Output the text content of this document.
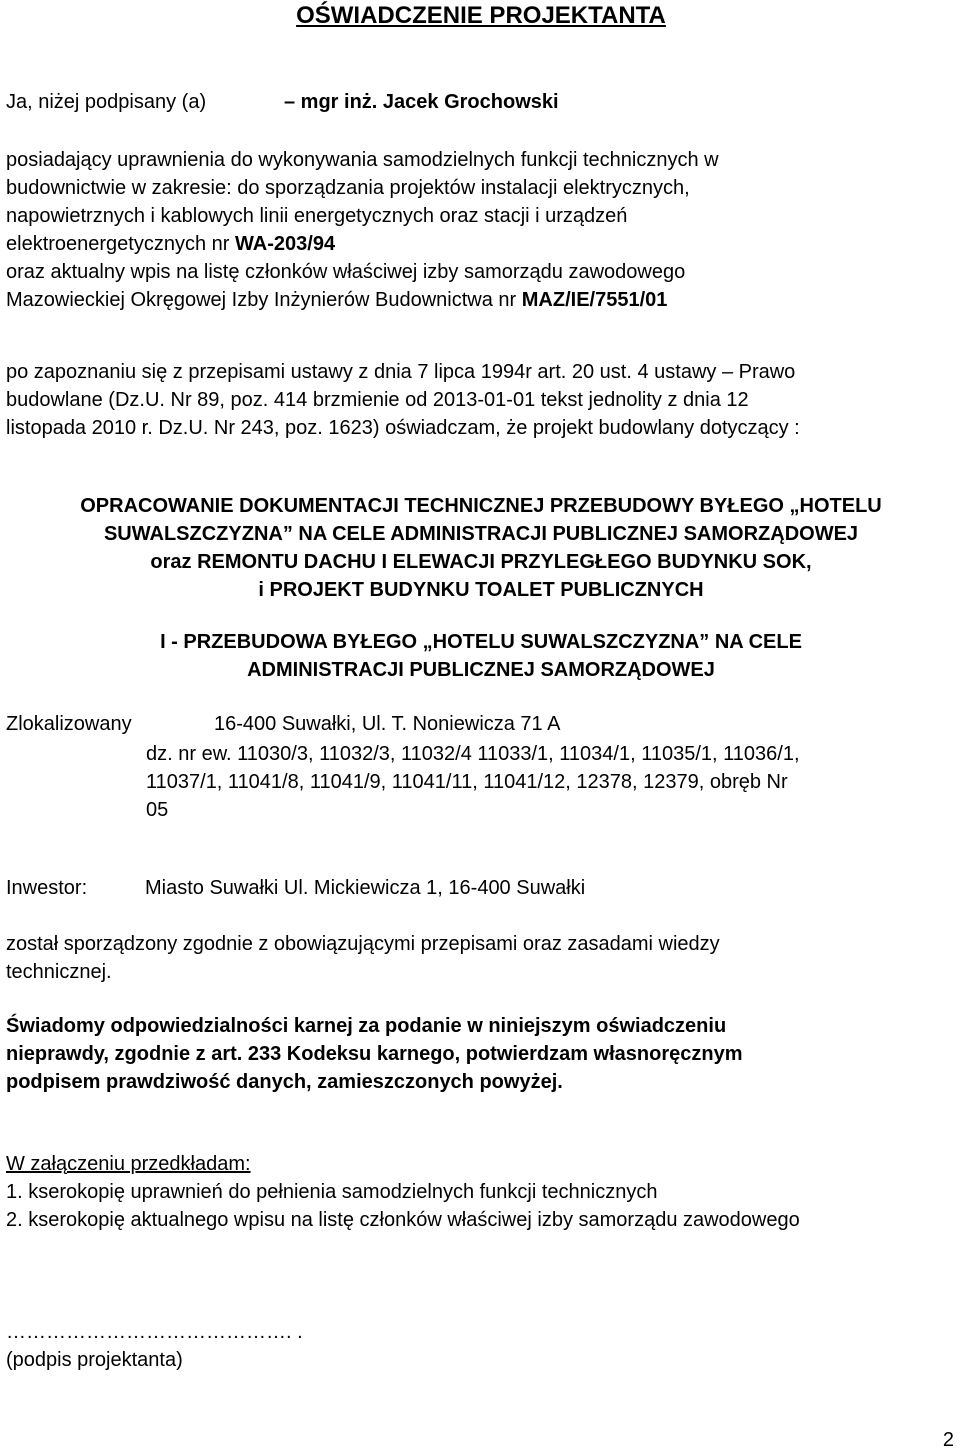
OŚWIADCZENIE PROJEKTANTA
Ja, niżej podpisany (a)	– mgr inż. Jacek Grochowski

posiadający uprawnienia do wykonywania samodzielnych funkcji technicznych w

budownictwie w zakresie: do sporządzania projektów instalacji elektrycznych,

napowietrznych i kablowych linii energetycznych oraz stacji i urządzeń

elektroenergetycznych nr WA-203/94

oraz aktualny wpis na listę członków właściwej izby samorządu zawodowego

Mazowieckiej Okręgowej Izby Inżynierów Budownictwa nr MAZ/IE/7551/01

po zapoznaniu się z przepisami ustawy z dnia 7 lipca 1994r art. 20 ust. 4 ustawy – Prawo

budowlane (Dz.U. Nr 89, poz. 414 brzmienie od 2013-01-01 tekst jednolity z dnia 12

listopada 2010 r. Dz.U. Nr 243, poz. 1623) oświadczam, że projekt budowlany dotyczący :

OPRACOWANIE DOKUMENTACJI TECHNICZNEJ PRZEBUDOWY BYŁEGO „HOTELU

SUWALSZCZYZNA” NA CELE ADMINISTRACJI PUBLICZNEJ SAMORZĄDOWEJ

oraz REMONTU DACHU I ELEWACJI PRZYLEGŁEGO BUDYNKU SOK,

i PROJEKT BUDYNKU TOALET PUBLICZNYCH

I - PRZEBUDOWA BYŁEGO „HOTELU SUWALSZCZYZNA” NA CELE

ADMINISTRACJI PUBLICZNEJ SAMORZĄDOWEJ

Zlokalizowany	16-400 Suwałki, Ul. T. Noniewicza 71 A

dz. nr ew. 11030/3, 11032/3, 11032/4 11033/1, 11034/1, 11035/1, 11036/1,

11037/1, 11041/8, 11041/9, 11041/11, 11041/12, 12378, 12379, obręb Nr

05

Inwestor:	Miasto Suwałki Ul. Mickiewicza 1, 16-400 Suwałki

został sporządzony zgodnie z obowiązującymi przepisami oraz zasadami wiedzy

technicznej.

Świadomy odpowiedzialności karnej za podanie w niniejszym oświadczeniu

nieprawdy, zgodnie z art. 233 Kodeksu karnego, potwierdzam własnoręcznym

podpisem prawdziwość danych, zamieszczonych powyżej.

W załączeniu przedkładam:

1. kserokopię uprawnień do pełnienia samodzielnych funkcji technicznych

2. kserokopię aktualnego wpisu na listę członków właściwej izby samorządu zawodowego

……………………………………. .

(podpis projektanta)

2
